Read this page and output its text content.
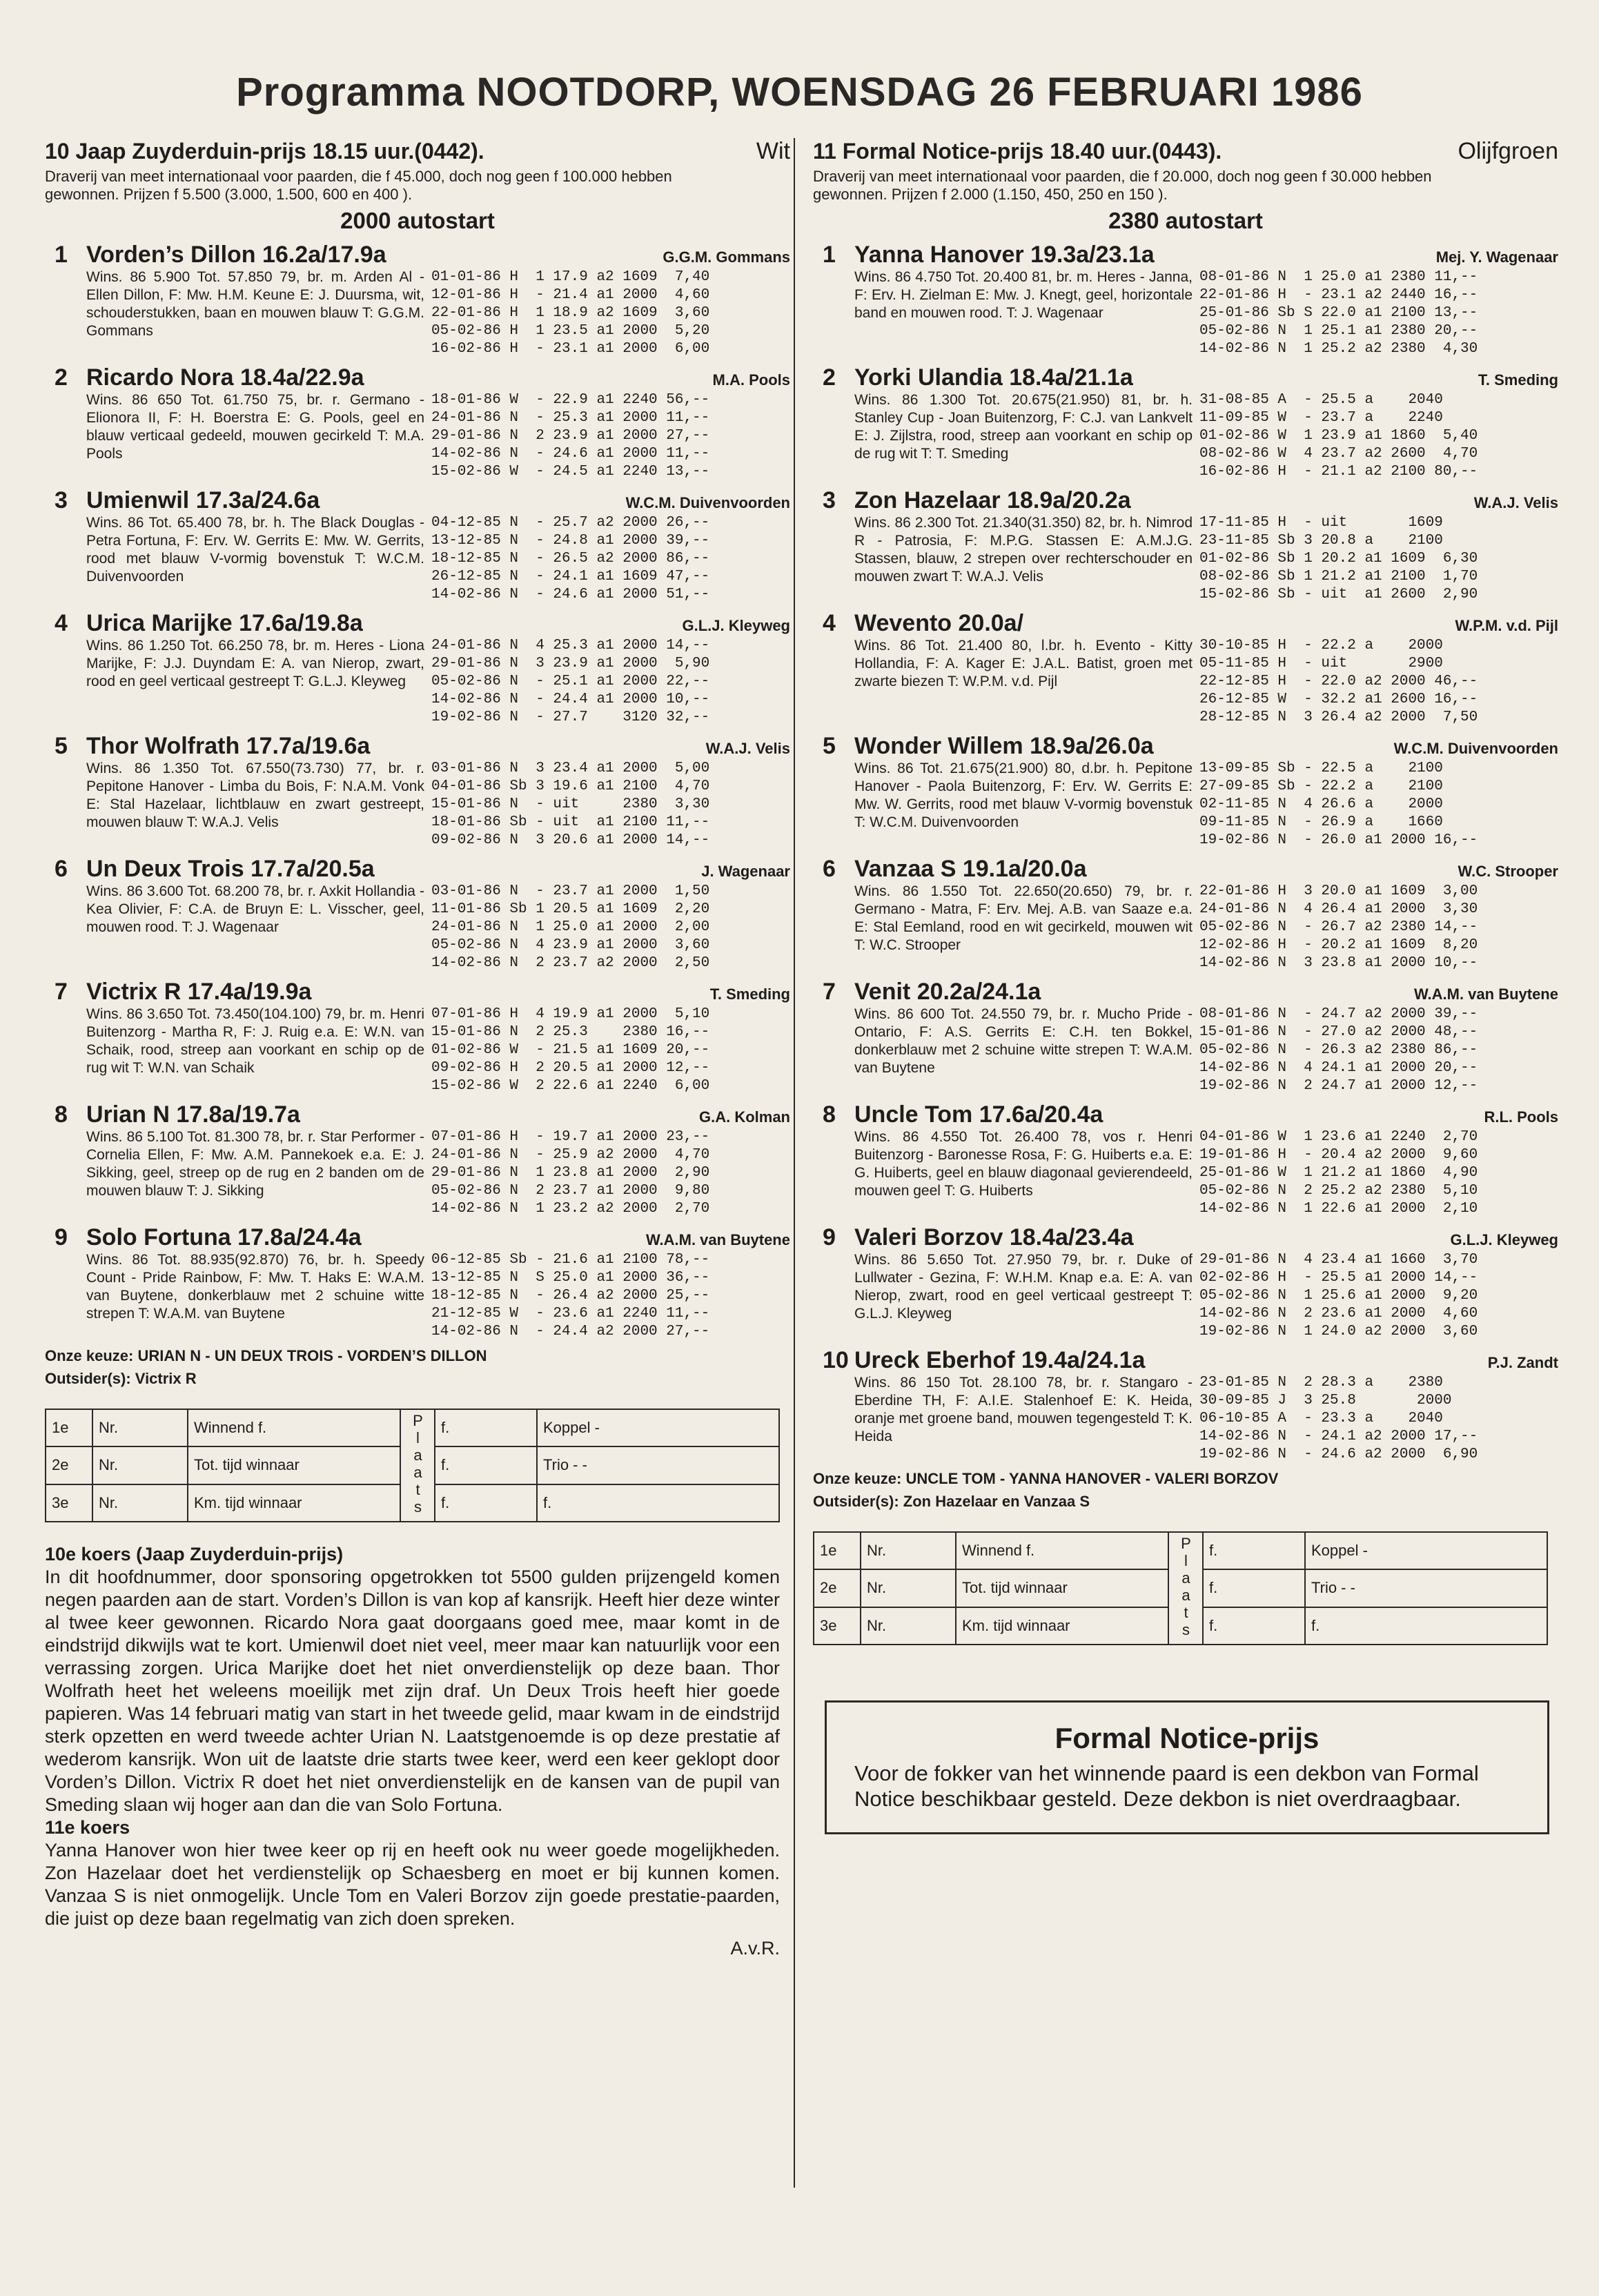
Programma NOOTDORP, WOENSDAG 26 FEBRUARI 1986
10 Jaap Zuyderduin-prijs 18.15 uur.(0442).	Wit
Draverij van meet internationaal voor paarden, die f 45.000, doch nog geen f 100.000 hebben gewonnen. Prijzen f 5.500 (3.000, 1.500, 600 en 400 ).
2000 autostart
1 Vorden’s Dillon 16.2a/17.9a	G.G.M. Gommans
Wins. 86 5.900 Tot. 57.850 79, br. m. Arden Al - Ellen Dillon, F: Mw. H.M. Keune E: J. Duursma, wit, schouderstukken, baan en mouwen blauw T: G.G.M. Gommans
01-01-86 H  1 17.9 a2 1609  7,40
12-01-86 H  - 21.4 a1 2000  4,60
22-01-86 H  1 18.9 a2 1609  3,60
05-02-86 H  1 23.5 a1 2000  5,20
16-02-86 H  - 23.1 a1 2000  6,00
2 Ricardo Nora 18.4a/22.9a	M.A. Pools
Wins. 86 650 Tot. 61.750 75, br. r. Germano - Elionora II, F: H. Boerstra E: G. Pools, geel en blauw verticaal gedeeld, mouwen gecirkeld T: M.A. Pools
18-01-86 W  - 22.9 a1 2240 56,--
24-01-86 N  - 25.3 a1 2000 11,--
29-01-86 N  2 23.9 a1 2000 27,--
14-02-86 N  - 24.6 a1 2000 11,--
15-02-86 W  - 24.5 a1 2240 13,--
3 Umienwil 17.3a/24.6a	W.C.M. Duivenvoorden
Wins. 86 Tot. 65.400 78, br. h. The Black Douglas - Petra Fortuna, F: Erv. W. Gerrits E: Mw. W. Gerrits, rood met blauw V-vormig bovenstuk T: W.C.M. Duivenvoorden
04-12-85 N  - 25.7 a2 2000 26,--
13-12-85 N  - 24.8 a1 2000 39,--
18-12-85 N  - 26.5 a2 2000 86,--
26-12-85 N  - 24.1 a1 1609 47,--
14-02-86 N  - 24.6 a1 2000 51,--
4 Urica Marijke 17.6a/19.8a	G.L.J. Kleyweg
Wins. 86 1.250 Tot. 66.250 78, br. m. Heres - Liona Marijke, F: J.J. Duyndam E: A. van Nierop, zwart, rood en geel verticaal gestreept T: G.L.J. Kleyweg
24-01-86 N  4 25.3 a1 2000 14,--
29-01-86 N  3 23.9 a1 2000  5,90
05-02-86 N  - 25.1 a1 2000 22,--
14-02-86 N  - 24.4 a1 2000 10,--
19-02-86 N  - 27.7    3120 32,--
5 Thor Wolfrath 17.7a/19.6a	W.A.J. Velis
Wins. 86 1.350 Tot. 67.550(73.730) 77, br. r. Pepitone Hanover - Limba du Bois, F: N.A.M. Vonk E: Stal Hazelaar, lichtblauw en zwart gestreept, mouwen blauw T: W.A.J. Velis
03-01-86 N  3 23.4 a1 2000  5,00
04-01-86 Sb 3 19.6 a1 2100  4,70
15-01-86 N  - uit     2380  3,30
18-01-86 Sb - uit  a1 2100 11,--
09-02-86 N  3 20.6 a1 2000 14,--
6 Un Deux Trois 17.7a/20.5a	J. Wagenaar
Wins. 86 3.600 Tot. 68.200 78, br. r. Axkit Hollandia - Kea Olivier, F: C.A. de Bruyn E: L. Visscher, geel, mouwen rood. T: J. Wagenaar
03-01-86 N  - 23.7 a1 2000  1,50
11-01-86 Sb 1 20.5 a1 1609  2,20
24-01-86 N  1 25.0 a1 2000  2,00
05-02-86 N  4 23.9 a1 2000  3,60
14-02-86 N  2 23.7 a2 2000  2,50
7 Victrix R 17.4a/19.9a	T. Smeding
Wins. 86 3.650 Tot. 73.450(104.100) 79, br. m. Henri Buitenzorg - Martha R, F: J. Ruig e.a. E: W.N. van Schaik, rood, streep aan voorkant en schip op de rug wit T: W.N. van Schaik
07-01-86 H  4 19.9 a1 2000  5,10
15-01-86 N  2 25.3    2380 16,--
01-02-86 W  - 21.5 a1 1609 20,--
09-02-86 H  2 20.5 a1 2000 12,--
15-02-86 W  2 22.6 a1 2240  6,00
8 Urian N 17.8a/19.7a	G.A. Kolman
Wins. 86 5.100 Tot. 81.300 78, br. r. Star Performer - Cornelia Ellen, F: Mw. A.M. Pannekoek e.a. E: J. Sikking, geel, streep op de rug en 2 banden om de mouwen blauw T: J. Sikking
07-01-86 H  - 19.7 a1 2000 23,--
24-01-86 N  - 25.9 a2 2000  4,70
29-01-86 N  1 23.8 a1 2000  2,90
05-02-86 N  2 23.7 a1 2000  9,80
14-02-86 N  1 23.2 a2 2000  2,70
9 Solo Fortuna 17.8a/24.4a	W.A.M. van Buytene
Wins. 86 Tot. 88.935(92.870) 76, br. h. Speedy Count - Pride Rainbow, F: Mw. T. Haks E: W.A.M. van Buytene, donkerblauw met 2 schuine witte strepen T: W.A.M. van Buytene
06-12-85 Sb - 21.6 a1 2100 78,--
13-12-85 N  S 25.0 a1 2000 36,--
18-12-85 N  - 26.4 a2 2000 25,--
21-12-85 W  - 23.6 a1 2240 11,--
14-02-86 N  - 24.4 a2 2000 27,--
Onze keuze: URIAN N - UN DEUX TROIS - VORDEN’S DILLON
Outsider(s): Victrix R
1e	Nr.	Winnend f.	Plaats	f.	Koppel -
2e	Nr.	Tot. tijd winnaar		f.	Trio - -
3e	Nr.	Km. tijd winnaar		f.	f.
11 Formal Notice-prijs 18.40 uur.(0443).	Olijfgroen
Draverij van meet internationaal voor paarden, die f 20.000, doch nog geen f 30.000 hebben gewonnen. Prijzen f 2.000 (1.150, 450, 250 en 150 ).
2380 autostart
1 Yanna Hanover 19.3a/23.1a	Mej. Y. Wagenaar
Wins. 86 4.750 Tot. 20.400 81, br. m. Heres - Janna, F: Erv. H. Zielman E: Mw. J. Knegt, geel, horizontale band en mouwen rood. T: J. Wagenaar
08-01-86 N  1 25.0 a1 2380 11,--
22-01-86 H  - 23.1 a2 2440 16,--
25-01-86 Sb S 22.0 a1 2100 13,--
05-02-86 N  1 25.1 a1 2380 20,--
14-02-86 N  1 25.2 a2 2380  4,30
2 Yorki Ulandia 18.4a/21.1a	T. Smeding
Wins. 86 1.300 Tot. 20.675(21.950) 81, br. h. Stanley Cup - Joan Buitenzorg, F: C.J. van Lankvelt E: J. Zijlstra, rood, streep aan voorkant en schip op de rug wit T: T. Smeding
31-08-85 A  - 25.5 a    2040
11-09-85 W  - 23.7 a    2240
01-02-86 W  1 23.9 a1 1860  5,40
08-02-86 W  4 23.7 a2 2600  4,70
16-02-86 H  - 21.1 a2 2100 80,--
3 Zon Hazelaar 18.9a/20.2a	W.A.J. Velis
Wins. 86 2.300 Tot. 21.340(31.350) 82, br. h. Nimrod R - Patrosia, F: M.P.G. Stassen E: A.M.J.G. Stassen, blauw, 2 strepen over rechterschouder en mouwen zwart T: W.A.J. Velis
17-11-85 H  - uit       1609
23-11-85 Sb 3 20.8 a    2100
01-02-86 Sb 1 20.2 a1 1609  6,30
08-02-86 Sb 1 21.2 a1 2100  1,70
15-02-86 Sb - uit  a1 2600  2,90
4 Wevento 20.0a/	W.P.M. v.d. Pijl
Wins. 86 Tot. 21.400 80, l.br. h. Evento - Kitty Hollandia, F: A. Kager E: J.A.L. Batist, groen met zwarte biezen T: W.P.M. v.d. Pijl
30-10-85 H  - 22.2 a    2000
05-11-85 H  - uit       2900
22-12-85 H  - 22.0 a2 2000 46,--
26-12-85 W  - 32.2 a1 2600 16,--
28-12-85 N  3 26.4 a2 2000  7,50
5 Wonder Willem 18.9a/26.0a	W.C.M. Duivenvoorden
Wins. 86 Tot. 21.675(21.900) 80, d.br. h. Pepitone Hanover - Paola Buitenzorg, F: Erv. W. Gerrits E: Mw. W. Gerrits, rood met blauw V-vormig bovenstuk T: W.C.M. Duivenvoorden
13-09-85 Sb - 22.5 a    2100
27-09-85 Sb - 22.2 a    2100
02-11-85 N  4 26.6 a    2000
09-11-85 N  - 26.9 a    1660
19-02-86 N  - 26.0 a1 2000 16,--
6 Vanzaa S 19.1a/20.0a	W.C. Strooper
Wins. 86 1.550 Tot. 22.650(20.650) 79, br. r. Germano - Matra, F: Erv. Mej. A.B. van Saaze e.a. E: Stal Eemland, rood en wit gecirkeld, mouwen wit T: W.C. Strooper
22-01-86 H  3 20.0 a1 1609  3,00
24-01-86 N  4 26.4 a1 2000  3,30
05-02-86 N  - 26.7 a2 2380 14,--
12-02-86 H  - 20.2 a1 1609  8,20
14-02-86 N  3 23.8 a1 2000 10,--
7 Venit 20.2a/24.1a	W.A.M. van Buytene
Wins. 86 600 Tot. 24.550 79, br. r. Mucho Pride - Ontario, F: A.S. Gerrits E: C.H. ten Bokkel, donkerblauw met 2 schuine witte strepen T: W.A.M. van Buytene
08-01-86 N  - 24.7 a2 2000 39,--
15-01-86 N  - 27.0 a2 2000 48,--
05-02-86 N  - 26.3 a2 2380 86,--
14-02-86 N  4 24.1 a1 2000 20,--
19-02-86 N  2 24.7 a1 2000 12,--
8 Uncle Tom 17.6a/20.4a	R.L. Pools
Wins. 86 4.550 Tot. 26.400 78, vos r. Henri Buitenzorg - Baronesse Rosa, F: G. Huiberts e.a. E: G. Huiberts, geel en blauw diagonaal gevierendeeld, mouwen geel T: G. Huiberts
04-01-86 W  1 23.6 a1 2240  2,70
19-01-86 H  - 20.4 a2 2000  9,60
25-01-86 W  1 21.2 a1 1860  4,90
05-02-86 N  2 25.2 a2 2380  5,10
14-02-86 N  1 22.6 a1 2000  2,10
9 Valeri Borzov 18.4a/23.4a	G.L.J. Kleyweg
Wins. 86 5.650 Tot. 27.950 79, br. r. Duke of Lullwater - Gezina, F: W.H.M. Knap e.a. E: A. van Nierop, zwart, rood en geel verticaal gestreept T: G.L.J. Kleyweg
29-01-86 N  4 23.4 a1 1660  3,70
02-02-86 H  - 25.5 a1 2000 14,--
05-02-86 N  1 25.6 a1 2000  9,20
14-02-86 N  2 23.6 a1 2000  4,60
19-02-86 N  1 24.0 a2 2000  3,60
10 Ureck Eberhof 19.4a/24.1a	P.J. Zandt
Wins. 86 150 Tot. 28.100 78, br. r. Stangaro - Eberdine TH, F: A.I.E. Stalenhoef E: K. Heida, oranje met groene band, mouwen tegengesteld T: K. Heida
23-01-85 N  2 28.3 a    2380
30-09-85 J  3 25.8       2000
06-10-85 A  - 23.3 a    2040
14-02-86 N  - 24.1 a2 2000 17,--
19-02-86 N  - 24.6 a2 2000  6,90
Onze keuze: UNCLE TOM - YANNA HANOVER - VALERI BORZOV
Outsider(s): Zon Hazelaar en Vanzaa S
1e	Nr.	Winnend f.	Plaats	f.	Koppel -
2e	Nr.	Tot. tijd winnaar		f.	Trio - -
3e	Nr.	Km. tijd winnaar		f.	f.
10e koers (Jaap Zuyderduin-prijs)

In dit hoofdnummer, door sponsoring opgetrokken tot 5500 gulden prijzengeld komen negen paarden aan de start. Vorden’s Dillon is van kop af kansrijk. Heeft hier deze winter al twee keer gewonnen. Ricardo Nora gaat doorgaans goed mee, maar komt in de eindstrijd dikwijls wat te kort. Umienwil doet niet veel, meer maar kan natuurlijk voor een verrassing zorgen. Urica Marijke doet het niet onverdienstelijk op deze baan. Thor Wolfrath heet het weleens moeilijk met zijn draf. Un Deux Trois heeft hier goede papieren. Was 14 februari matig van start in het tweede gelid, maar kwam in de eindstrijd sterk opzetten en werd tweede achter Urian N. Laatstgenoemde is op deze prestatie af wederom kansrijk. Won uit de laatste drie starts twee keer, werd een keer geklopt door Vorden’s Dillon. Victrix R doet het niet onverdienstelijk en de kansen van de pupil van Smeding slaan wij hoger aan dan die van Solo Fortuna.

11e koers

Yanna Hanover won hier twee keer op rij en heeft ook nu weer goede mogelijkheden. Zon Hazelaar doet het verdienstelijk op Schaesberg en moet er bij kunnen komen. Vanzaa S is niet onmogelijk. Uncle Tom en Valeri Borzov zijn goede prestatie-paarden, die juist op deze baan regelmatig van zich doen spreken.

A.v.R.
Formal Notice-prijs

Voor de fokker van het winnende paard is een dekbon van Formal Notice beschikbaar gesteld. Deze dekbon is niet overdraagbaar.
